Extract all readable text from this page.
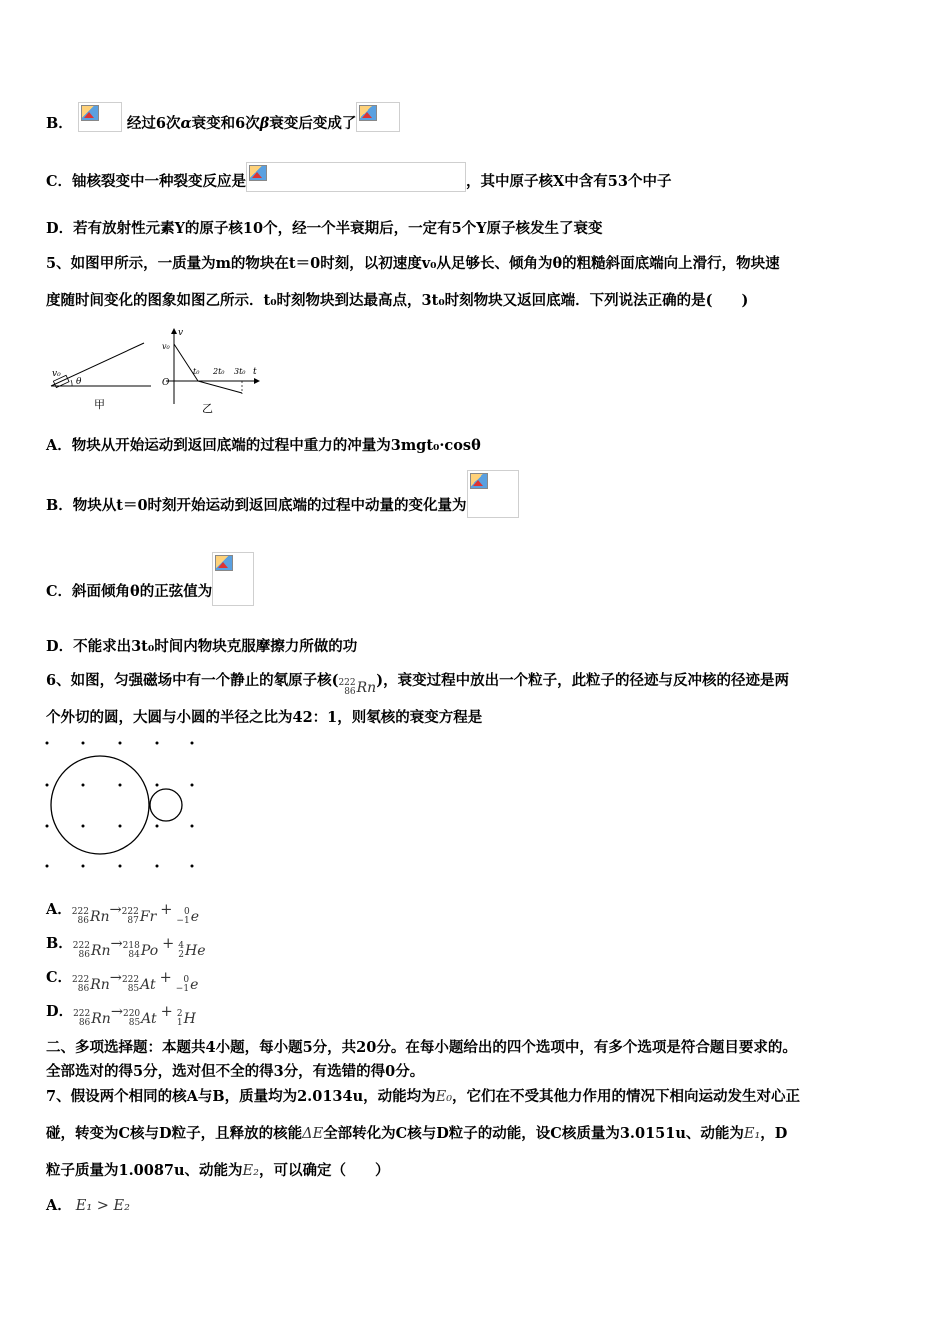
B．	经过6次α衰变和6次β衰变后变成了
C．铀核裂变中一种裂变反应是	，其中原子核X中含有53个中子
D．若有放射性元素Y的原子核10个，经一个半衰期后，一定有5个Y原子核发生了衰变
5、如图甲所示，一质量为m的物块在t＝0时刻，以初速度v₀从足够长、倾角为θ的粗糙斜面底端向上滑行，物块速
度随时间变化的图象如图乙所示．t₀时刻物块到达最高点，3t₀时刻物块又返回底端．下列说法正确的是(　　)
θ
v₀
甲
v
t
v₀
O
t₀ 2t₀ 3t₀
乙
A．物块从开始运动到返回底端的过程中重力的冲量为3mgt₀·cosθ
B．物块从t＝0时刻开始运动到返回底端的过程中动量的变化量为
C．斜面倾角θ的正弦值为
D．不能求出3t₀时间内物块克服摩擦力所做的功
6、如图，匀强磁场中有一个静止的氡原子核( 222
86 Rn )，衰变过程中放出一个粒子，此粒子的径迹与反冲核的径迹是两
个外切的圆，大圆与小圆的半径之比为42：1，则氡核的衰变方程是
A． 222
86 Rn → 222
87 Fr +	0
−1 e
B． 222
86 Rn → 218
84 Po + 4
2 He
C． 222
86 Rn → 222
85 At +	0
−1 e
D． 222
86 Rn → 220
85 At + 2
1 H
二、多项选择题：本题共4小题，每小题5分，共20分。在每小题给出的四个选项中，有多个选项是符合题目要求的。
全部选对的得5分，选对但不全的得3分，有选错的得0分。
7、假设两个相同的核A与B，质量均为2.0134u，动能均为E₀，它们在不受其他力作用的情况下相向运动发生对心正
碰，转变为C核与D粒子，且释放的核能ΔE全部转化为C核与D粒子的动能，设C核质量为3.0151u、动能为E₁，D
粒子质量为1.0087u、动能为E₂，可以确定（　　）
A． E₁ > E₂
